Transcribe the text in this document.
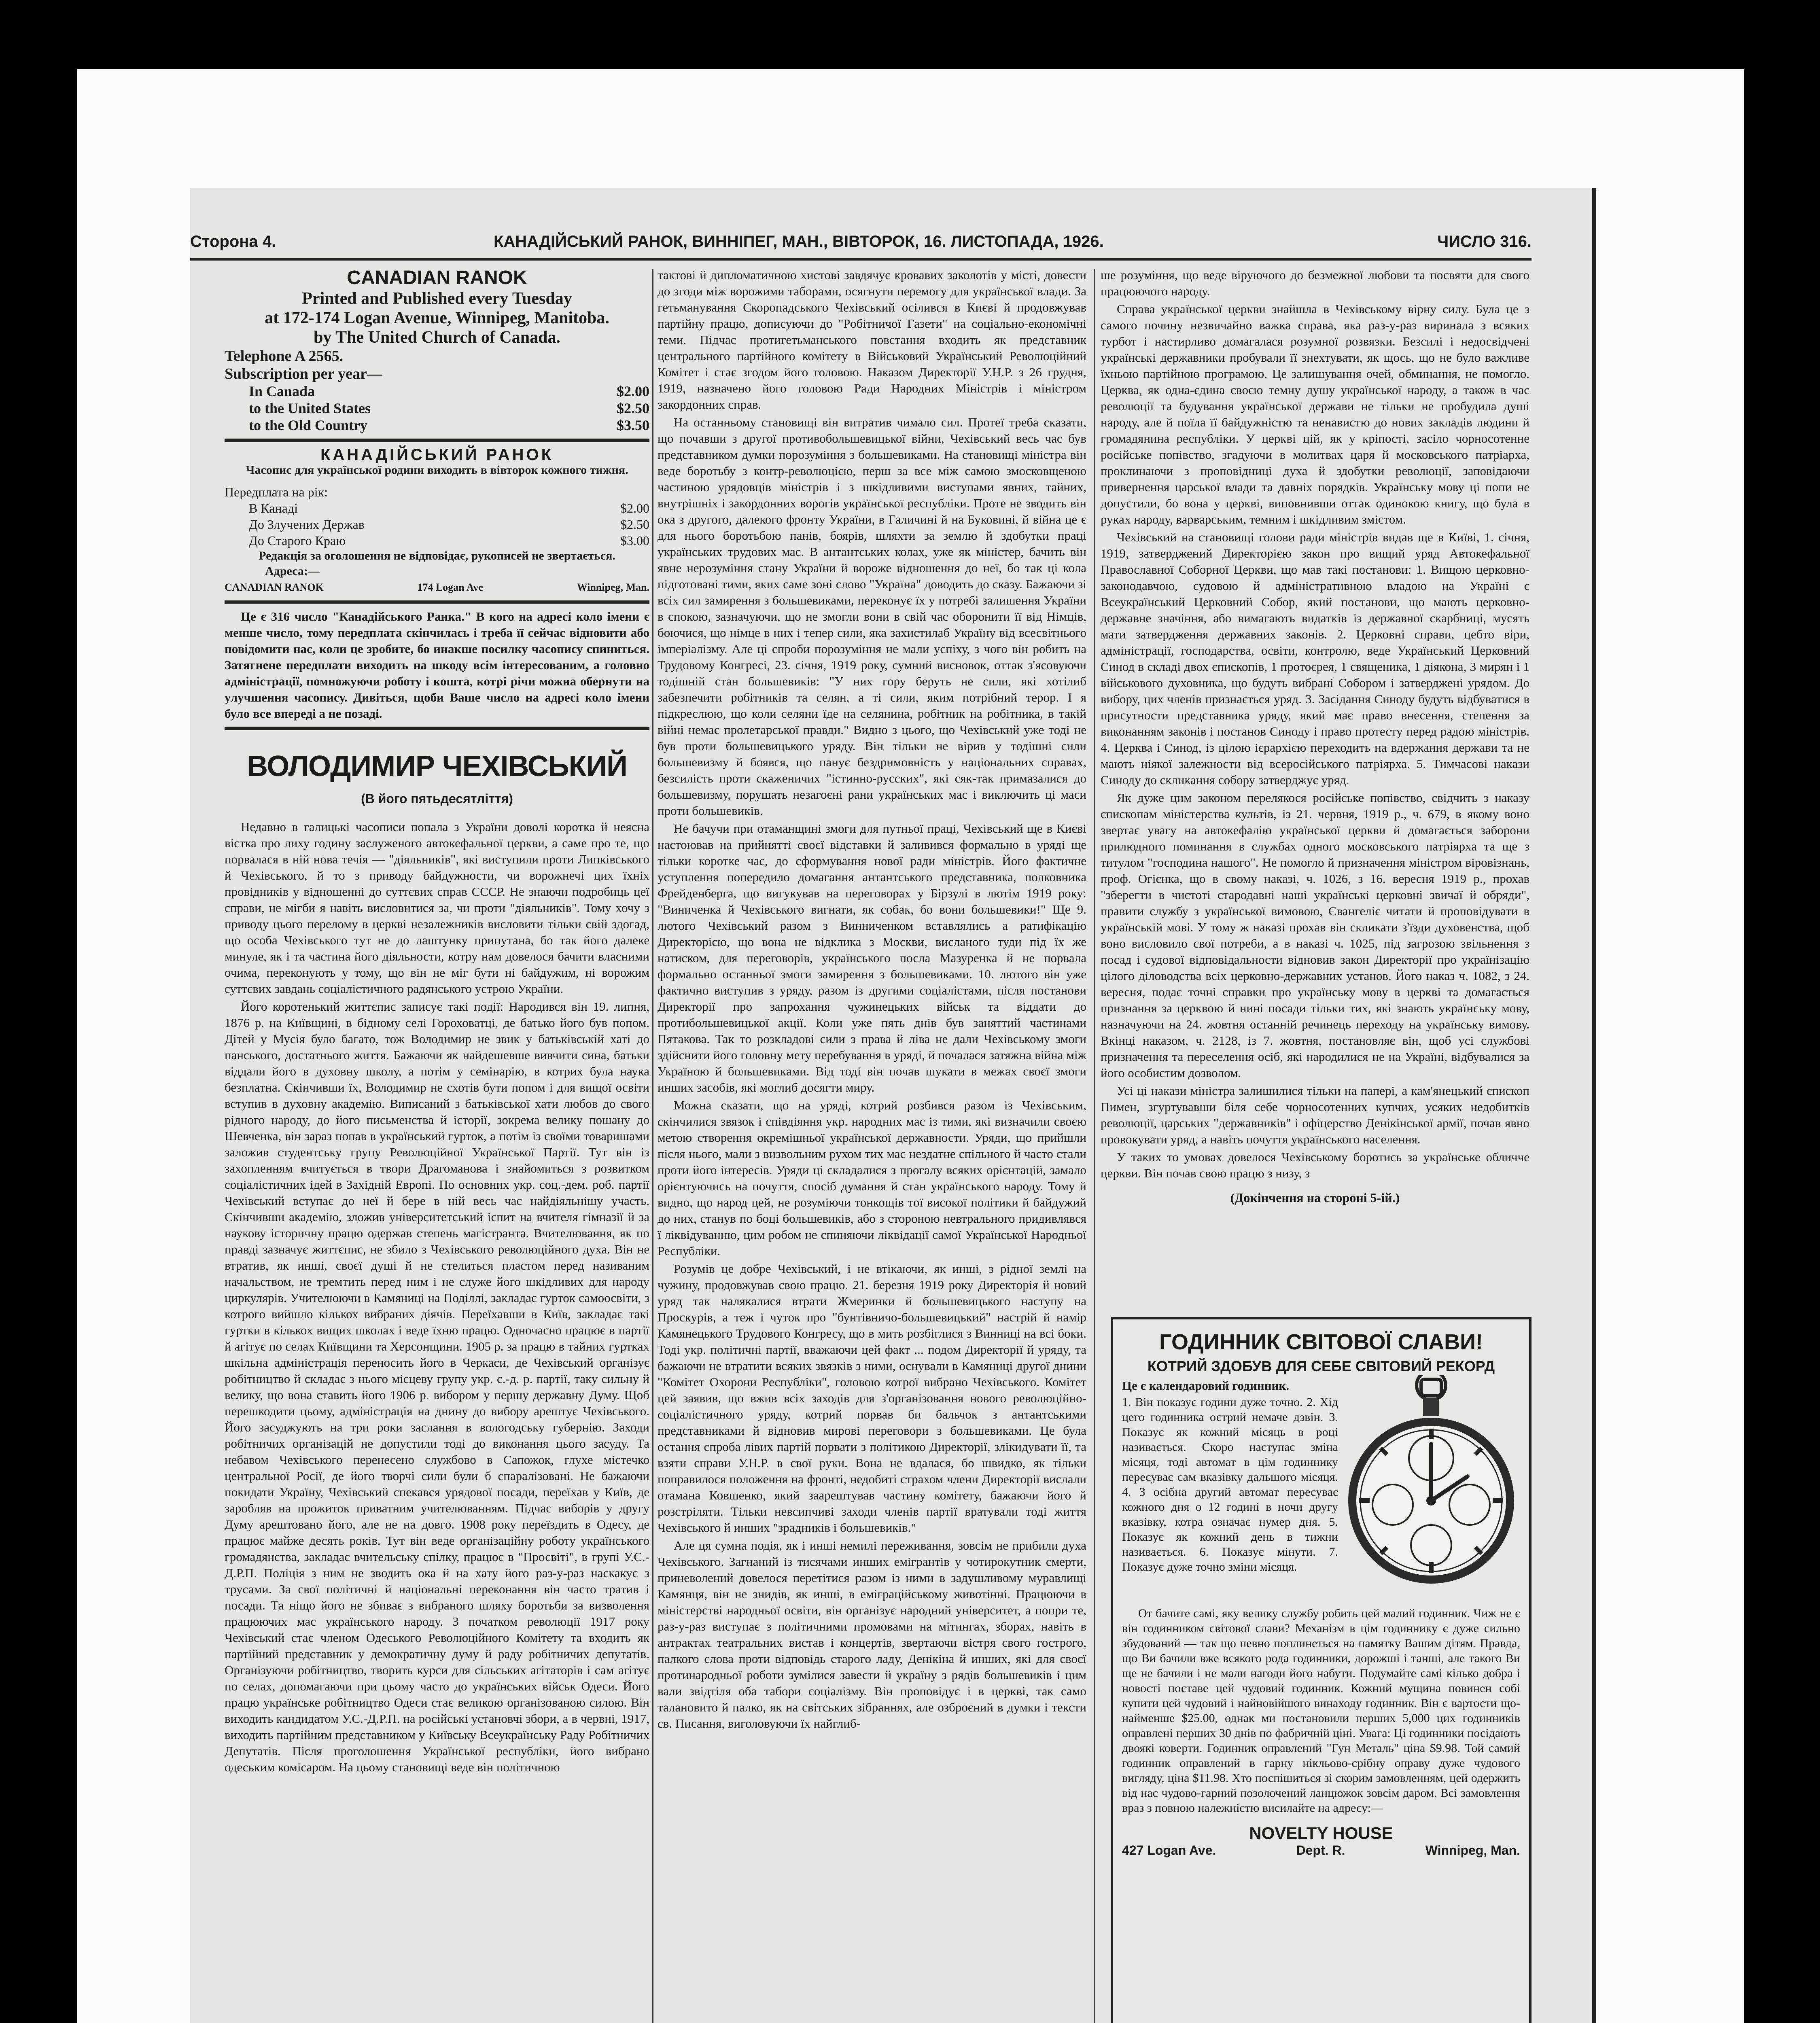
Сторона 4.	КАНАДІЙСЬКИЙ РАНОК, ВИННІПЕГ, МАН., ВІВТОРОК, 16. ЛИСТОПАДА, 1926.	ЧИСЛО 316.
CANADIAN RANOK
Printed and Published every Tuesday
at 172-174 Logan Avenue, Winnipeg, Manitoba.
by The United Church of Canada.
Telephone A 2565.
Subscription per year—
In Canada	$2.00
to the United States	$2.50
to the Old Country	$3.50
КАНАДІЙСЬКИЙ РАНОК
Часопис для української родини виходить в вівторок кожного тижня.
Передплата на рік:
В Канаді	$2.00
До Злучених Держав	$2.50
До Старого Краю	$3.00
Редакція за оголошення не відповідає, рукописей не звертається.
Адреса:—
CANADIAN RANOK	174 Logan Ave	Winnipeg, Man.
Це є 316 число "Канадійського Ранка." В кого на адресі коло імени є менше число, тому передплата скінчилась і треба її сейчас відновити або повідомити нас, коли це зробите, бо инакше посилку часопису спиниться. Затягнене передплати виходить на шкоду всім інтересованим, а головно адміністрації, помножуючи роботу і кошта, котрі річи можна обернути на улучшення часопису. Дивіться, щоби Ваше число на адресі коло імени було все впереді а не позаді.
ВОЛОДИМИР ЧЕХІВСЬКИЙ
(В його пятьдесятліття)

Недавно в галицькі часописи попала з України доволі коротка й неясна вістка про лиху годину заслуженого автокефальної церкви, а саме про те, що порвалася в ній нова течія — "діяльників", які виступили проти Липківського й Чехівського, й то з приводу байдужности, чи ворожнечі цих їхніх провідників у відношенні до суттєвих справ СССР. Не знаючи подробиць цеї справи, не мігби я навіть висловитися за, чи проти "діяльників". Тому хочу з приводу цього переломy в церкві незалежників висловити тільки свій здогад, що особа Чехівського тут не до лаштунку припутана, бо так його далеке минуле, як і та частина його діяльности, котру нам довелося бачити власними очима, переконують у тому, що він не міг бути ні байдужим, ні ворожим суттєвих завдань соціалістичного радянського устрою України.

Його коротенький життєпис записує такі події: Народився він 19. липня, 1876 р. на Київщині, в бідному селі Гороховатці, де батько його був попом. Дітей у Мусія було багато, тож Володимир не звик у батьківській хаті до панського, достатнього життя. Бажаючи як найдешевше вивчити сина, батьки віддали його в духовну школу, а потім у семінарію, в котрих була наука безплатна. Скінчивши їх, Володимир не схотів бути попом і для вищої освіти вступив в духовну академію. Виписаний з батьківської хати любов до свого рідного народу, до його письменства й історії, зокрема велику пошану до Шевченка, він зараз попав в український гурток, а потім із своїми товаришами заложив студентську групу Революційної Української Партії. Тут він із захопленням вчитується в твори Драгоманова і знайомиться з розвитком соціалістичних ідей в Західній Европі. По основних укр. соц.-дем. роб. партії Чехівський вступає до неї й бере в ній весь час найдіяльнішу участь. Скінчивши академію, зложив університетський іспит на вчителя гімназії й за наукову історичну працю одержав степень магістранта. Вчителювання, як по правді зазначує життєпис, не збило з Чехівського революційного духа. Він не втратив, як инші, своєї душі й не стелиться пластом перед називаним начальством, не тремтить перед ним і не служе його шкідливих для народу циркулярів. Учителюючи в Камяниці на Поділлі, закладає гурток самоосвіти, з котрого вийшло кількох вибраних діячів. Переїхавши в Київ, закладає такі гуртки в кількох вищих школах і веде їхню працю. Одночасно працює в партії й агітує по селах Київщини та Херсонщини. 1905 р. за працю в тайних гуртках шкільна адміністрація переносить його в Черкаси, де Чехівський організує робітництво й складає з нього місцеву групу укр. с.-д. р. партії, таку сильну й велику, що вона ставить його 1906 р. вибором у першу державну Думу. Щоб перешкодити цьому, адміністрація на днину до вибору арештує Чехівського. Його засуджують на три роки заслання в вологодську губернію. Заходи робітничих організацій не допустили тоді до виконання цього засуду. Та небавом Чехівського перенесено службово в Сапожок, глухе містечко центральної Росії, де його творчі сили були б спаралізовані. Не бажаючи покидати Україну, Чехівський спекався урядової посади, переїхав у Київ, де заробляв на прожиток приватним учителюванням. Підчас виборів у другу Думу арештовано його, але не на довго. 1908 року переїздить в Одесу, де працює майже десять років. Тут він веде організаційну роботу українського громадянства, закладає вчительську спілку, працює в "Просвіті", в групі У.С.-Д.Р.П. Поліція з ним не зводить ока й на хату його раз-у-раз наскакує з трусами. За свої політичні й національні переконання він часто тратив і посади. Та ніщо його не збиває з вибраного шляху боротьби за визволення працюючих мас українського народу. З початком революції 1917 року Чехівський стає членом Одеського Революційного Комітету та входить як партійний представник у демократичну думу й раду робітничих депутатів. Організуючи робітництво, творить курси для сільських агітаторів і сам агітує по селах, допомагаючи при цьому часто до українських військ Одеси. Його працю українське робітництво Одеси стає великою організованою силою. Він виходить кандидатом У.С.-Д.Р.П. на російські установчі збори, а в червні, 1917, виходить партійним представником у Київську Всеукраїнську Раду Робітничих Депутатів. Після проголошення Української республіки, його вибрано одеським комісаром. На цьому становищі веде він політичною

тактові й дипломатичною хистові завдячує кровавих заколотів у місті, довести до згоди між ворожими таборами, осягнути перемогу для української влади. За гетьманування Скоропадського Чехівський осілився в Києві й продовжував партійну працю, дописуючи до "Робітничої Газети" на соціально-економічні теми. Підчас протигетьманського повстання входить як представник центрального партійного комітету в Військовий Український Революційний Комітет і стає згодом його головою. Наказом Директорії У.Н.Р. з 26 грудня, 1919, назначено його головою Ради Народних Міністрів і міністром закордонних справ.

На останньому становищі він витратив чимало сил. Протеї треба сказати, що почавши з другої противобольшевицької війни, Чехівський весь час був представником думки порозуміння з большевиками. На становищі міністра він веде боротьбу з контр-революцією, перш за все між самою змосковщеною частиною урядовців міністрів і з шкідливими виступами явних, тайних, внутрішніх і закордонних ворогів української республіки. Проте не зводить він ока з другого, далекого фронту України, в Галичині й на Буковині, й війна це є для нього боротьбою панів, боярів, шляхти за землю й здобутки праці українських трудових мас. В антантських колах, уже як міністер, бачить він явне нерозуміння стану України й вороже відношення до неї, бо так ці кола підготовані тими, яких саме зоні слово "Україна" доводить до сказу. Бажаючи зі всіх сил замирення з большевиками, переконує їх у потребі залишення України в спокою, зазначуючи, що не змогли вони в свій час оборонити її від Німців, боючися, що німце в них і тепер сили, яка захистилаб Україну від всесвітнього імперіалізму. Але ці спроби порозуміння не мали успіху, з чого він робить на Трудовому Конгресі, 23. січня, 1919 року, сумний висновок, оттак з'ясовуючи тодішній стан большевиків: "У них гору беруть не сили, які хотілиб забезпечити робітників та селян, а ті сили, яким потрібний терор. І я підкреслюю, що коли селяни їде на селянина, робітник на робітника, в такій війні немає пролетарської правди." Видно з цього, що Чехівський уже тоді не був проти большевицького уряду. Він тільки не вірив у тодішні сили большевизму й боявся, що панує бездримовність у національних справах, безсилість проти скаженичих "істинно-русских", які сяк-так примазалися до большевизму, порушать незагоєні рани українських мас і виключить ці маси проти большевиків.

Не бачучи при отаманщині змоги для путньої праці, Чехівський ще в Києві настоював на прийнятті своєї відставки й заливився формально в уряді ще тільки коротке час, до сформування нової ради міністрів. Його фактичне уступлення попередило домагання антантського представника, полковника Фрейденберга, що вигукував на переговорах у Бірзулі в лютім 1919 року: "Виниченка й Чехівського вигнати, як собак, бо вони большевики!" Ще 9. лютого Чехівський разом з Винниченком вставлялись а ратифікацію Директорією, що вона не відклика з Москви, висланого туди під їх же натиском, для переговорів, українського посла Мазуренка й не порвала формально останньої змоги замирення з большевиками. 10. лютого він уже фактично виступив з уряду, разом із другими соціалістами, після постанови Директорії про запрохання чужинецьких військ та віддати до протибольшевицької акції. Коли уже пять днів був заняттий частинами Пятакова. Так то розкладові сили з права й ліва не дали Чехівському змоги здійснити його головну мету перебування в уряді, й почалася затяжна війна між Україною й большевиками. Від тоді він почав шукати в межах своєї змоги инших засобів, які моглиб досягти миру.

Можна сказати, що на уряді, котрий розбився разом із Чехівським, скінчилися звязок і співдіяння укр. народних мас із тими, які визначили своєю метою створення окремішньої української державности. Уряди, що прийшли після нього, мали з визвольним рухом тих мас нездатне спільного й часто стали проти його інтересів. Уряди ці складалися з прогалу всяких орієнтацій, замало орієнтуючись на почуття, спосіб думання й стан українського народу. Тому й видно, що народ цей, не розуміючи тонкощів тої високої політики й байдужий до них, станув по боці большевиків, або з стороною невтрального придивлявся ї ліквідуванню, цим робом не спиняючи ліквідації самої Української Народньої Республіки.

Розумів це добре Чехівський, і не втікаючи, як инші, з рідної землі на чужину, продовжував свою працю. 21. березня 1919 року Директорія й новий уряд так налякалися втрати Жмеринки й большевицького наступу на Проскурів, а теж і чуток про "бунтівничо-большевицький" настрій й намір Камянецького Трудового Конгресу, що в мить розбіглися з Винниці на всі боки. Тоді укр. політичні партії, вважаючи цей факт ... подом Директорії й уряду, та бажаючи не втратити всяких звязків з ними, оснували в Камяниці другої днини "Комітет Охорони Республіки", головою котрої вибрано Чехівського. Комітет цей заявив, що вжив всіх заходів для з'організовання нового революційно-соціалістичного уряду, котрий порвав би бальчок з антантськими представниками й відновив мирові переговори з большевиками. Це була остання спроба лівих партій порвати з політикою Директорії, злікидувати її, та взяти справи У.Н.Р. в свої руки. Вона не вдалася, бо швидко, як тільки поправилося положення на фронті, недобиті страхом члени Директорії вислали отамана Ковшенко, який заарештував частину комітету, бажаючи його й розстріляти. Тільки невсипчиві заходи членів партії вратували тоді життя Чехівського й инших "зрадників і большевиків."

Але ця сумна подія, як і инші немилі переживання, зовсім не прибили духа Чехівського. Загнаний із тисячами инших емігрантів у чотирокутник смерти, приневолений довелося перетітися разом із ними в задушливому муравлищі Камянця, він не знидів, як инші, в еміграційському животінні. Працюючи в міністерстві народньої освіти, він організує народний університет, а попри те, раз-у-раз виступає з політичними промовами на мітингах, зборах, навіть в антрактах театральних вистав і концертів, звертаючи вістря свого гострого, палкого слова проти відповідь старого ладу, Денікіна й инших, які для своєї протинародньої роботи зумілися завести й україну з рядів большевиків і цим вали звідтіля оба табори соціалізму. Він проповідує і в церкві, так само талановито й палко, як на світських зібраннях, але озброєний в думки і тексти св. Писання, виголовуючи їх найглиб-

ше розуміння, що веде віруючого до безмежної любови та посвяти для свого працюючого народу.

Справа української церкви знайшла в Чехівському вірну силу. Була це з самого почину незвичайно важка справа, яка раз-у-раз виринала з всяких турбот і настирливо домагалася розумної розвязки. Безсилі і недосвідчені українські державники пробували її знехтувати, як щось, що не було важливе їхньою партійною програмою. Це залишування очей, обминання, не помогло. Церква, як одна-єдина своєю темну душу української народу, а також в час революції та будування української держави не тільки не пробудила душі народу, але й поїла її байдужністю та ненавистю до нових закладів людини й громадянина республіки. У церкві цій, як у кріпості, засіло чорносотенне російське попівство, згадуючи в молитвах царя й московського патріарха, проклинаючи з проповідниці духа й здобутки революції, заповідаючи привернення царської влади та давніх порядків. Українську мову ці попи не допустили, бо вона у церкві, виповнивши оттак одинокою книгу, що була в руках народу, варварським, темним і шкідливим змістом.

Чехівський на становищі голови ради міністрів видав ще в Київі, 1. січня, 1919, затверджений Директорією закон про вищий уряд Автокефальної Православної Соборної Церкви, що мав такі постанови: 1. Вищою церковно-законодавчою, судовою й адміністративною владою на Україні є Всеукраїнський Церковний Собор, який постанови, що мають церковно-державне значіння, або вимагають видатків із державної скарбниці, мусять мати затвердження державних законів. 2. Церковні справи, цебто віри, адміністрації, господарства, освіти, контролю, веде Український Церковний Синод в складі двох єпископів, 1 протоєрея, 1 священика, 1 діякона, 3 мирян і 1 військового духовника, що будуть вибрані Собором і затверджені урядом. До вибору, цих членів признається уряд. 3. Засідання Синоду будуть відбуватися в присутности представника уряду, який має право внесення, степення за виконанням законів і постанов Синоду і право протесту перед радою міністрів. 4. Церква і Синод, із цілою ієрархією переходить на вдержання держави та не мають ніякої залежности від всеросійського патріярха. 5. Тимчасові накази Синоду до скликання собору затверджує уряд.

Як дуже цим законом перелякося російське попівство, свідчить з наказу єпископам міністерства культів, із 21. червня, 1919 р., ч. 679, в якому воно звертає увагу на автокефалію української церкви й домагається заборони прилюдного поминання в службах одного московського патріярха та ще з титулом "господина нашого". Не помогло й призначення міністром віровізнань, проф. Огієнка, що в свому наказі, ч. 1026, з 16. вересня 1919 р., прохав "зберегти в чистоті стародавні наші українські церковні звичаї й обряди", правити службу з української вимовою, Євангеліє читати й проповідувати в українській мові. У тому ж наказі прохав він скликати з'їзди духовенства, щоб воно висловило свої потреби, а в наказі ч. 1025, під загрозою звільнення з посад і судової відповідальности відновив закон Директорії про українізацію цілого діловодства всіх церковно-державних установ. Його наказ ч. 1082, з 24. вересня, подає точні справки про українську мову в церкві та домагається признання за церквою й нині посади тільки тих, які знають українську мову, назначуючи на 24. жовтня останній речинець переходу на українську вимову. Вкінці наказом, ч. 2128, із 7. жовтня, постановляє він, щоб усі службові призначення та переселення осіб, які народилися не на Україні, відбувалися за його особистим дозволом.

Усі ці накази міністра залишилися тільки на папері, а кам'янецький єпископ Пимен, згуртувавши біля себе чорносотенних купчих, усяких недобитків революції, царських "державників" і офіцерство Денікінської армії, почав явно провокувати уряд, а навіть почуття українського населення.

У таких то умовах довелося Чехівському боротись за українське обличче церкви. Він почав свою працю з низу, з

(Докінчення на стороні 5-ій.)
ГОДИННИК СВІТОВОЇ СЛАВИ!
КОТРИЙ ЗДОБУВ ДЛЯ СЕБЕ СВІТОВИЙ РЕКОРД
Це є календаровий годинник.
1. Він показує години дуже точно. 2. Хід цего годинника острий немаче дзвін. 3. Показує як кожний місяць в році називається. Скоро наступає зміна місяця, тоді автомат в цім годиннику пересуває сам вказівку дальшого місяця. 4. З осібна другий автомат пересуває кожного дня о 12 годині в ночи другу вказівку, котра означає нумер дня. 5. Показує як кожний день в тижни називається. 6. Показує мінути. 7. Показує дуже точно зміни місяця.
От бачите самі, яку велику службу робить цей малий годинник. Чиж не є він годинником світової слави? Механізм в цім годиннику є дуже сильно збудований — так що певно поплинеться на памятку Вашим дітям. Правда, що Ви бачили вже всякого рода годинники, дорожші і танші, але такого Ви ще не бачили і не мали нагоди його набути. Подумайте самі кілько добра і новості поставе цей чудовий годинник. Кожний мущина повинен собі купити цей чудовий і найновійшого винаходу годинник. Він є вартости що-найменше $25.00, однак ми постановили перших 5,000 цих годинників оправлені перших 30 днів по фабричній ціні. Увага: Ці годинники посідають двоякі коверти. Годинник оправлений "Гун Металь" ціна $9.98. Той самий годинник оправлений в гарну нікльово-срібну оправу дуже чудового вигляду, ціна $11.98. Хто поспішиться зі скорим замовленням, цей одержить від нас чудово-гарний позолочений ланцюжок зовсім даром. Всі замовлення враз з повною належністю висилайте на адресу:—
NOVELTY HOUSE
427 Logan Ave.	Dept. R.	Winnipeg, Man.
